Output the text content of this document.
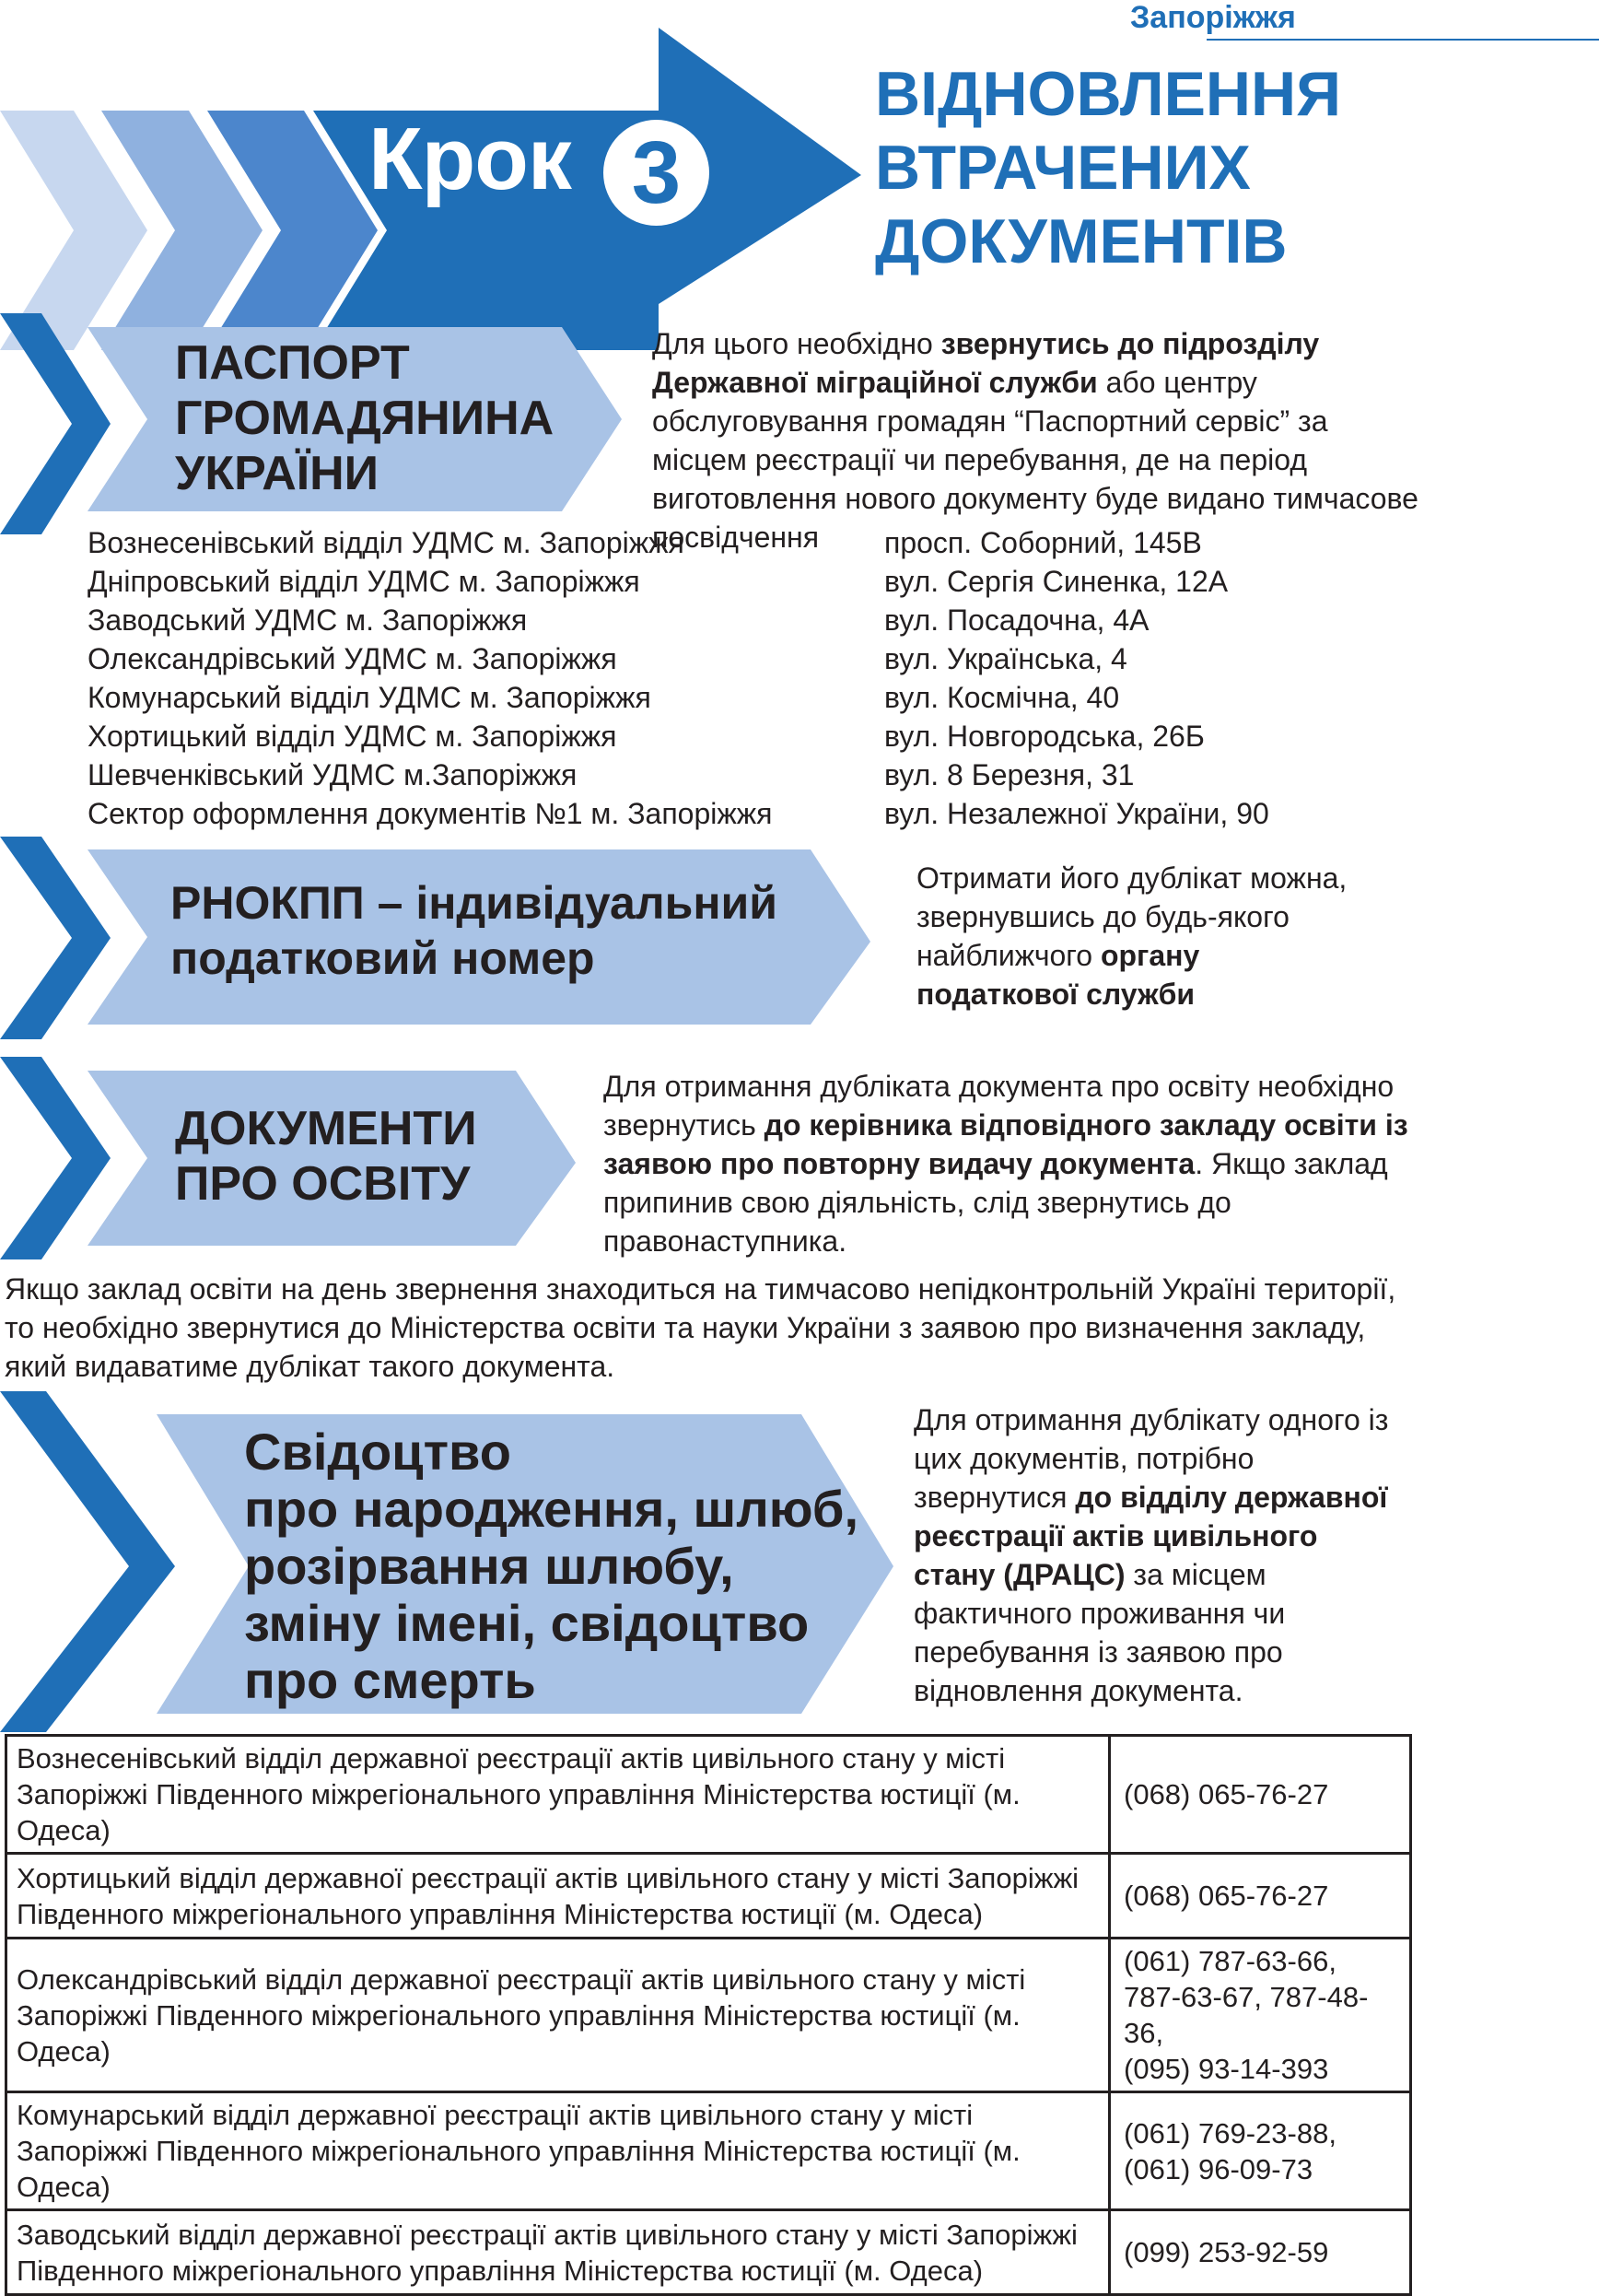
Запоріжжя
Крок 3
ВІДНОВЛЕННЯ
ВТРАЧЕНИХ
ДОКУМЕНТІВ
ПАСПОРТ
ГРОМАДЯНИНА
УКРАЇНИ

Для цього необхідно звернутись до підрозділу Державної міграційної служби або центру обслуговування громадян “Паспортний сервіс” за місцем реєстрації чи перебування, де на період виготовлення нового документу буде видано тимчасове посвідчення

Вознесенівський відділ УДМС м. Запоріжжя	просп. Соборний, 145В
Дніпровський відділ УДМС м. Запоріжжя	вул. Сергія Синенка, 12А
Заводський УДМС м. Запоріжжя	вул. Посадочна, 4А
Олександрівський УДМС м. Запоріжжя	вул. Українська, 4
Комунарський відділ УДМС м. Запоріжжя	вул. Космічна, 40
Хортицький відділ УДМС м. Запоріжжя	вул. Новгородська, 26Б
Шевченківський УДМС м.Запоріжжя	вул. 8 Березня, 31
Сектор оформлення документів №1 м. Запоріжжя	вул. Незалежної України, 90
РНОКПП – індивідуальний
податковий номер

Отримати його дублікат можна, звернувшись до будь-якого найближчого органу податкової служби

ДОКУМЕНТИ
ПРО ОСВІТУ

Для отримання дубліката документа про освіту необхідно звернутись до керівника відповідного закладу освіти із заявою про повторну видачу документа. Якщо заклад припинив свою діяльність, слід звернутись до правонаступника.

Якщо заклад освіти на день звернення знаходиться на тимчасово непідконтрольній Україні території, то необхідно звернутися до Міністерства освіти та науки України з заявою про визначення закладу, який видаватиме дублікат такого документа.

Свідоцтво
про народження, шлюб,
розірвання шлюбу,
зміну імені, свідоцтво
про смерть

Для отримання дублікату одного із цих документів, потрібно звернутися до відділу державної реєстрації актів цивільного стану (ДРАЦС) за місцем фактичного проживання чи перебування із заявою про відновлення документа.

Вознесенівський відділ державної реєстрації актів цивільного стану у місті Запоріжжі Південного міжрегіонального управління Міністерства юстиції (м. Одеса)	(068) 065-76-27

Хортицький відділ державної реєстрації актів цивільного стану у місті Запоріжжі Південного міжрегіонального управління Міністерства юстиції (м. Одеса)	(068) 065-76-27

Олександрівський відділ державної реєстрації актів цивільного стану у місті Запоріжжі Південного міжрегіонального управління Міністерства юстиції (м. Одеса)	(061) 787-63-66,
787-63-67, 787-48-36,
(095) 93-14-393

Комунарський відділ державної реєстрації актів цивільного стану у місті Запоріжжі Південного міжрегіонального управління Міністерства юстиції (м. Одеса)	(061) 769-23-88,
(061) 96-09-73

Заводський відділ державної реєстрації актів цивільного стану у місті Запоріжжі Південного міжрегіонального управління Міністерства юстиції (м. Одеса)	(099) 253-92-59
